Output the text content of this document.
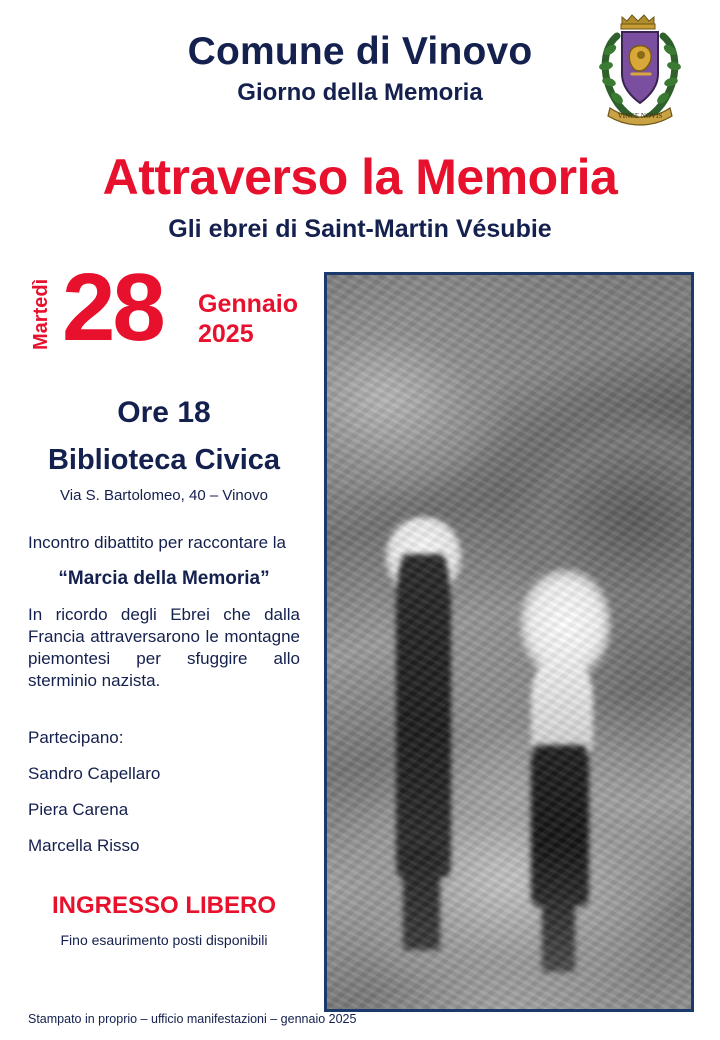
Comune di Vinovo
Giorno della Memoria
VINCE NOVIS
Attraverso la Memoria
Gli ebrei di Saint-Martin Vésubie
Martedì 28 Gennaio
2025
Ore 18
Biblioteca Civica
Via S. Bartolomeo, 40 – Vinovo
Incontro dibattito per raccontare la
“Marcia della Memoria”
In ricordo degli Ebrei che dalla Francia attraversarono le montagne piemontesi per sfuggire allo sterminio nazista.
Partecipano:
Sandro Capellaro
Piera Carena
Marcella Risso
INGRESSO LIBERO
Fino esaurimento posti disponibili
Stampato in proprio – ufficio manifestazioni – gennaio 2025
